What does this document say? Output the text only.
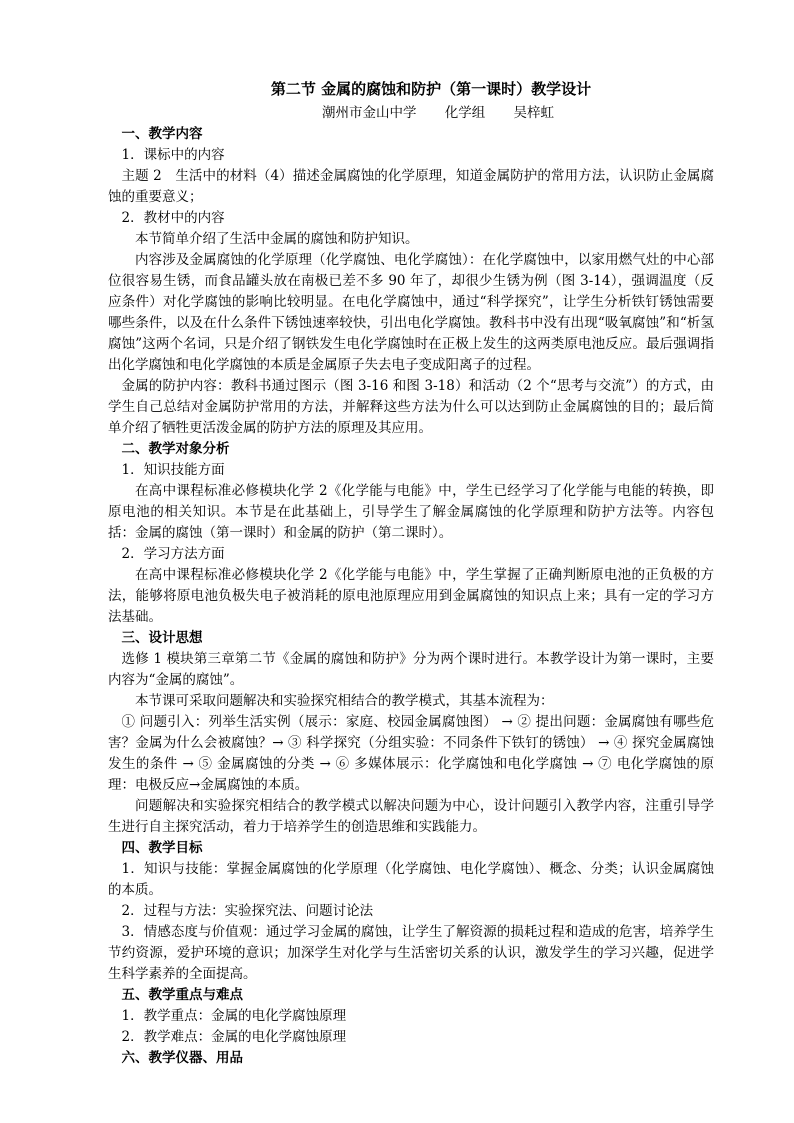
第二节 金属的腐蚀和防护（第一课时）教学设计
潮州市金山中学 化学组 吴梓虹
一、教学内容
1．课标中的内容
主题 2　生活中的材料（4）描述金属腐蚀的化学原理，知道金属防护的常用方法，认识防止金属腐蚀的重要意义；
2．教材中的内容
本节简单介绍了生活中金属的腐蚀和防护知识。
内容涉及金属腐蚀的化学原理（化学腐蚀、电化学腐蚀）：在化学腐蚀中，以家用燃气灶的中心部位很容易生锈，而食品罐头放在南极已差不多 90 年了，却很少生锈为例（图 3-14），强调温度（反应条件）对化学腐蚀的影响比较明显。在电化学腐蚀中，通过“科学探究”，让学生分析铁钉锈蚀需要哪些条件，以及在什么条件下锈蚀速率较快，引出电化学腐蚀。教科书中没有出现“吸氧腐蚀”和“析氢腐蚀”这两个名词，只是介绍了钢铁发生电化学腐蚀时在正极上发生的这两类原电池反应。最后强调指出化学腐蚀和电化学腐蚀的本质是金属原子失去电子变成阳离子的过程。
金属的防护内容：教科书通过图示（图 3-16 和图 3-18）和活动（2 个“思考与交流”）的方式，由学生自己总结对金属防护常用的方法，并解释这些方法为什么可以达到防止金属腐蚀的目的；最后简单介绍了牺牲更活泼金属的防护方法的原理及其应用。
二、教学对象分析
1．知识技能方面
在高中课程标准必修模块化学 2《化学能与电能》中，学生已经学习了化学能与电能的转换，即原电池的相关知识。本节是在此基础上，引导学生了解金属腐蚀的化学原理和防护方法等。内容包括：金属的腐蚀（第一课时）和金属的防护（第二课时）。
2．学习方法方面
在高中课程标准必修模块化学 2《化学能与电能》中，学生掌握了正确判断原电池的正负极的方法，能够将原电池负极失电子被消耗的原电池原理应用到金属腐蚀的知识点上来；具有一定的学习方法基础。
三、设计思想
选修 1 模块第三章第二节《金属的腐蚀和防护》分为两个课时进行。本教学设计为第一课时，主要内容为“金属的腐蚀”。
本节课可采取问题解决和实验探究相结合的教学模式，其基本流程为：
① 问题引入：列举生活实例（展示：家庭、校园金属腐蚀图） → ② 提出问题：金属腐蚀有哪些危害？金属为什么会被腐蚀？→ ③ 科学探究（分组实验：不同条件下铁钉的锈蚀） → ④ 探究金属腐蚀发生的条件 → ⑤ 金属腐蚀的分类 → ⑥ 多媒体展示：化学腐蚀和电化学腐蚀 → ⑦ 电化学腐蚀的原理：电极反应→金属腐蚀的本质。
问题解决和实验探究相结合的教学模式以解决问题为中心，设计问题引入教学内容，注重引导学生进行自主探究活动，着力于培养学生的创造思维和实践能力。
四、教学目标
1．知识与技能：掌握金属腐蚀的化学原理（化学腐蚀、电化学腐蚀）、概念、分类；认识金属腐蚀的本质。
2．过程与方法：实验探究法、问题讨论法
3．情感态度与价值观：通过学习金属的腐蚀，让学生了解资源的损耗过程和造成的危害，培养学生节约资源，爱护环境的意识；加深学生对化学与生活密切关系的认识，激发学生的学习兴趣，促进学生科学素养的全面提高。
五、教学重点与难点
1．教学重点：金属的电化学腐蚀原理
2．教学难点：金属的电化学腐蚀原理
六、教学仪器、用品
